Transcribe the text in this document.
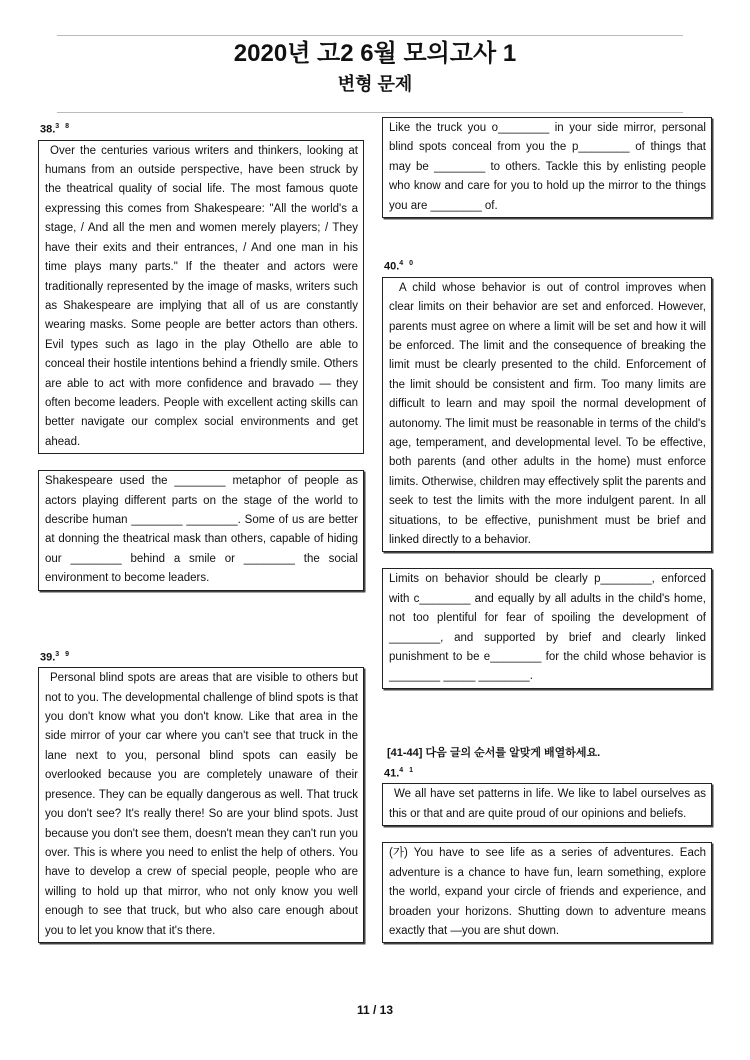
2020년 고2 6월 모의고사 1
변형 문제
38.$^{3 8}$
Over the centuries various writers and thinkers, looking at humans from an outside perspective, have been struck by the theatrical quality of social life. The most famous quote expressing this comes from Shakespeare: "All the world's a stage, / And all the men and women merely players; / They have their exits and their entrances, / And one man in his time plays many parts." If the theater and actors were traditionally represented by the image of masks, writers such as Shakespeare are implying that all of us are constantly wearing masks. Some people are better actors than others. Evil types such as Iago in the play Othello are able to conceal their hostile intentions behind a friendly smile. Others are able to act with more confidence and bravado — they often become leaders. People with excellent acting skills can better navigate our complex social environments and get ahead.
Shakespeare used the ________ metaphor of people as actors playing different parts on the stage of the world to describe human ________ ________. Some of us are better at donning the theatrical mask than others, capable of hiding our ________ behind a smile or ________ the social environment to become leaders.
39.$^{3 9}$
Personal blind spots are areas that are visible to others but not to you. The developmental challenge of blind spots is that you don't know what you don't know. Like that area in the side mirror of your car where you can't see that truck in the lane next to you, personal blind spots can easily be overlooked because you are completely unaware of their presence. They can be equally dangerous as well. That truck you don't see? It's really there! So are your blind spots. Just because you don't see them, doesn't mean they can't run you over. This is where you need to enlist the help of others. You have to develop a crew of special people, people who are willing to hold up that mirror, who not only know you well enough to see that truck, but who also care enough about you to let you know that it's there.
Like the truck you o________ in your side mirror, personal blind spots conceal from you the p________ of things that may be ________ to others. Tackle this by enlisting people who know and care for you to hold up the mirror to the things you are ________ of.
40.$^{4 0}$
A child whose behavior is out of control improves when clear limits on their behavior are set and enforced. However, parents must agree on where a limit will be set and how it will be enforced. The limit and the consequence of breaking the limit must be clearly presented to the child. Enforcement of the limit should be consistent and firm. Too many limits are difficult to learn and may spoil the normal development of autonomy. The limit must be reasonable in terms of the child's age, temperament, and developmental level. To be effective, both parents (and other adults in the home) must enforce limits. Otherwise, children may effectively split the parents and seek to test the limits with the more indulgent parent. In all situations, to be effective, punishment must be brief and linked directly to a behavior.
Limits on behavior should be clearly p________, enforced with c________ and equally by all adults in the child's home, not too plentiful for fear of spoiling the development of ________, and supported by brief and clearly linked punishment to be e________ for the child whose behavior is ________ _____ ________.
[41-44] 다음 글의 순서를 알맞게 배열하세요.
41.$^{4 1}$
We all have set patterns in life. We like to label ourselves as this or that and are quite proud of our opinions and beliefs.
(가) You have to see life as a series of adventures. Each adventure is a chance to have fun, learn something, explore the world, expand your circle of friends and experience, and broaden your horizons. Shutting down to adventure means exactly that —you are shut down.
11 / 13
